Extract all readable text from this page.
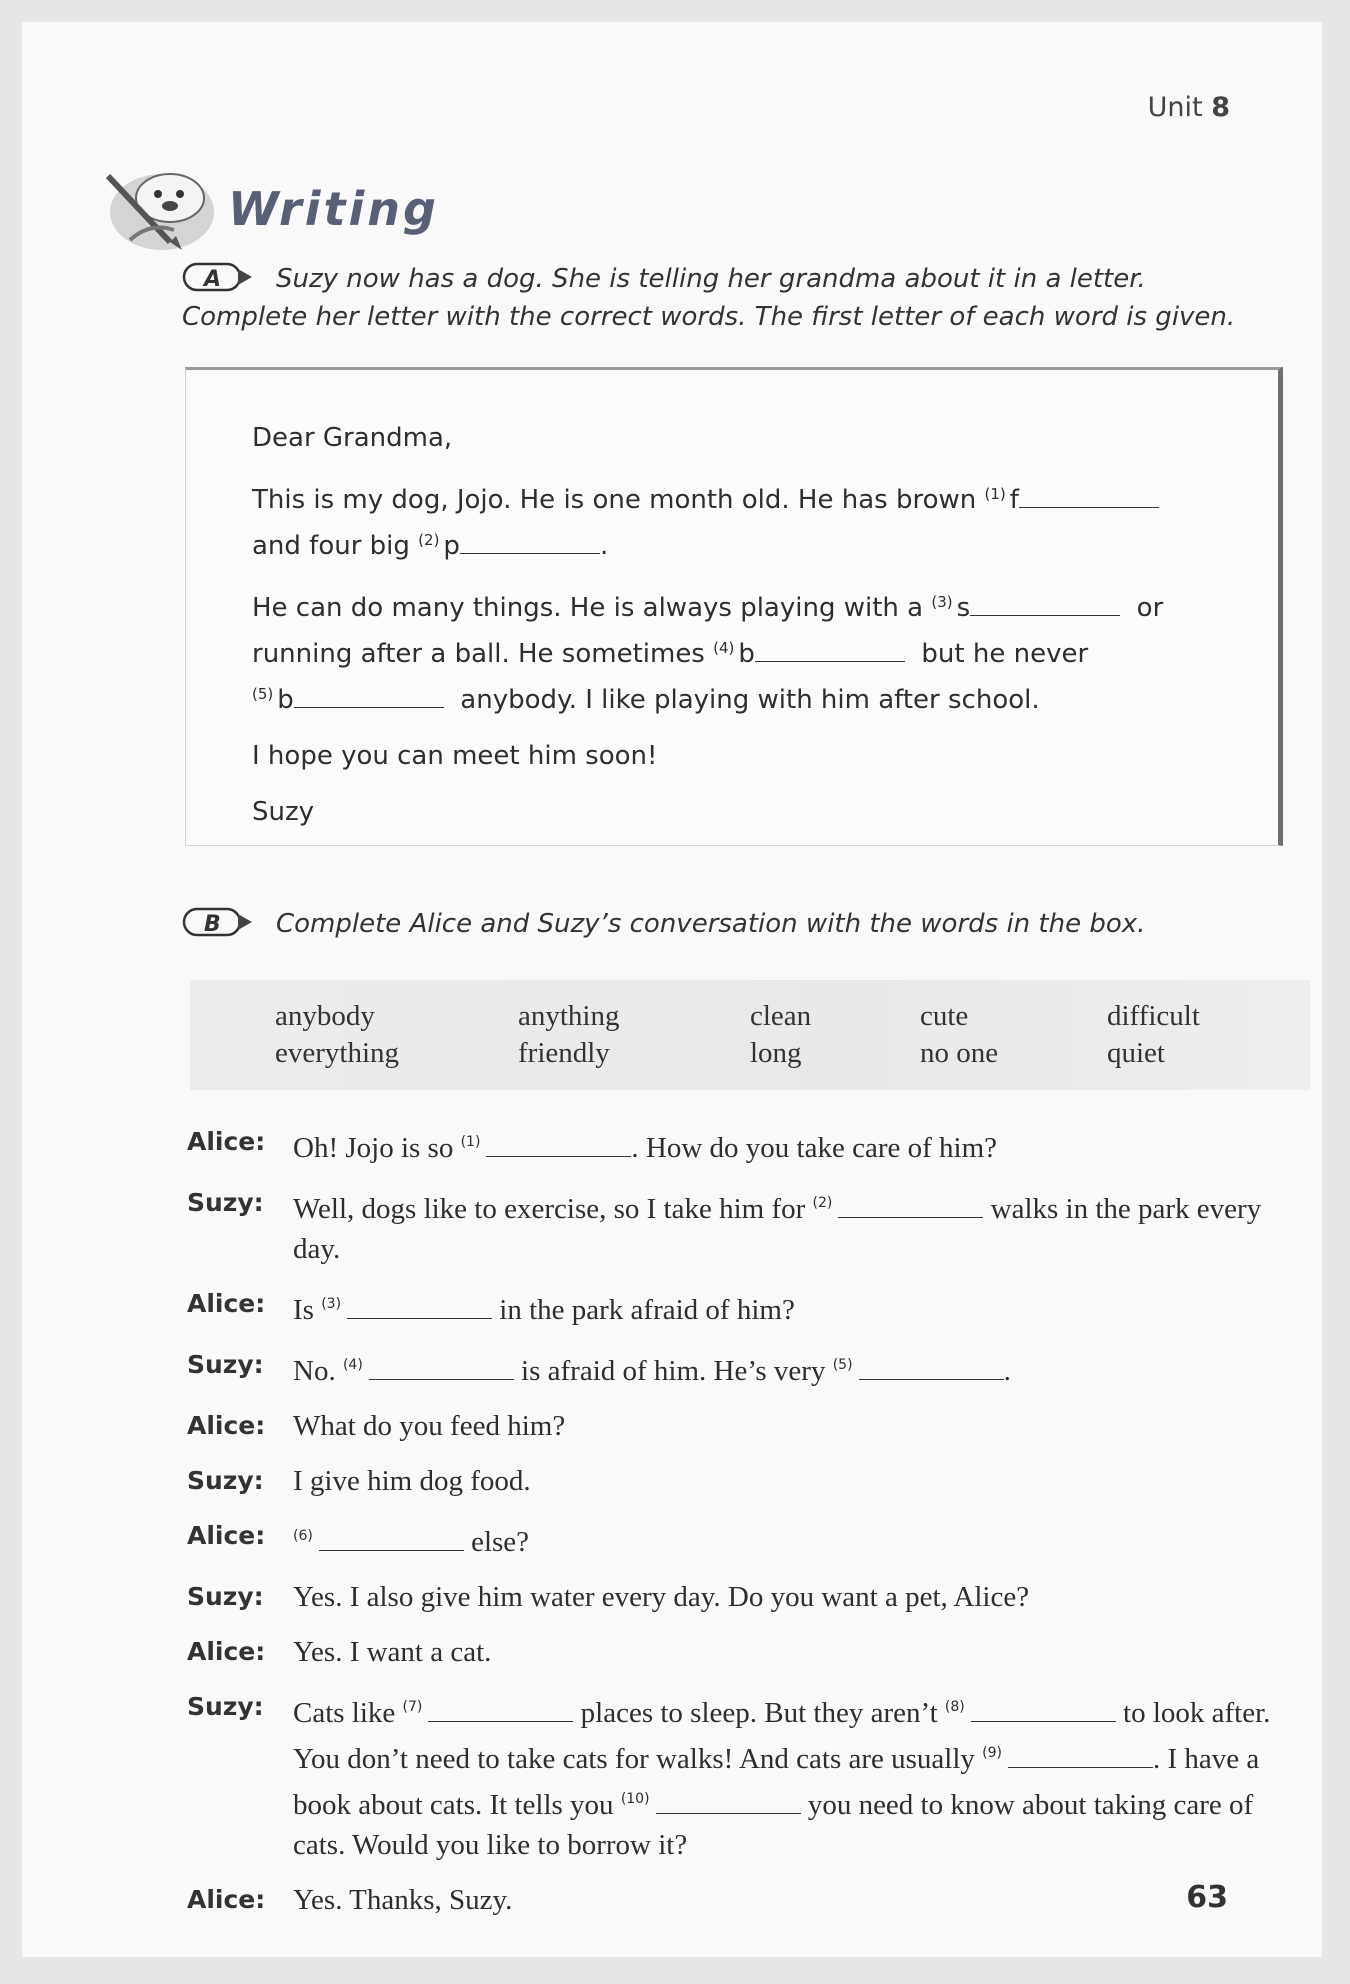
Unit 8
Writing
A Suzy now has a dog. She is telling her grandma about it in a letter. Complete her letter with the correct words. The first letter of each word is given.

Dear Grandma,

This is my dog, Jojo. He is one month old. He has brown $^{(1)}$ f
and four big $^{(2)}$ p	.

He can do many things. He is always playing with a $^{(3)}$ s	or
running after a ball. He sometimes $^{(4)}$ b	but he never
$^{(5)}$ b	anybody. I like playing with him after school.

I hope you can meet him soon!

Suzy

B Complete Alice and Suzy’s conversation with the words in the box.
anybody	anything	clean	cute	difficult
everything	friendly	long	no one	quiet
Alice: Oh! Jojo is so $^{(1)}$	. How do you take care of him?
Suzy: Well, dogs like to exercise, so I take him for $^{(2)}$	walks in the park every day.
Alice: Is $^{(3)}$	in the park afraid of him?
Suzy: No. $^{(4)}$	is afraid of him. He’s very $^{(5)}$	.
Alice: What do you feed him?
Suzy: I give him dog food.
Alice: $^{(6)}$	else?
Suzy: Yes. I also give him water every day. Do you want a pet, Alice?
Alice: Yes. I want a cat.
Suzy: Cats like $^{(7)}$	places to sleep. But they aren’t $^{(8)}$	to look after. You don’t need to take cats for walks! And cats are usually $^{(9)}$	. I have a book about cats. It tells you $^{(10)}$	you need to know about taking care of cats. Would you like to borrow it?
Alice: Yes. Thanks, Suzy.	63
